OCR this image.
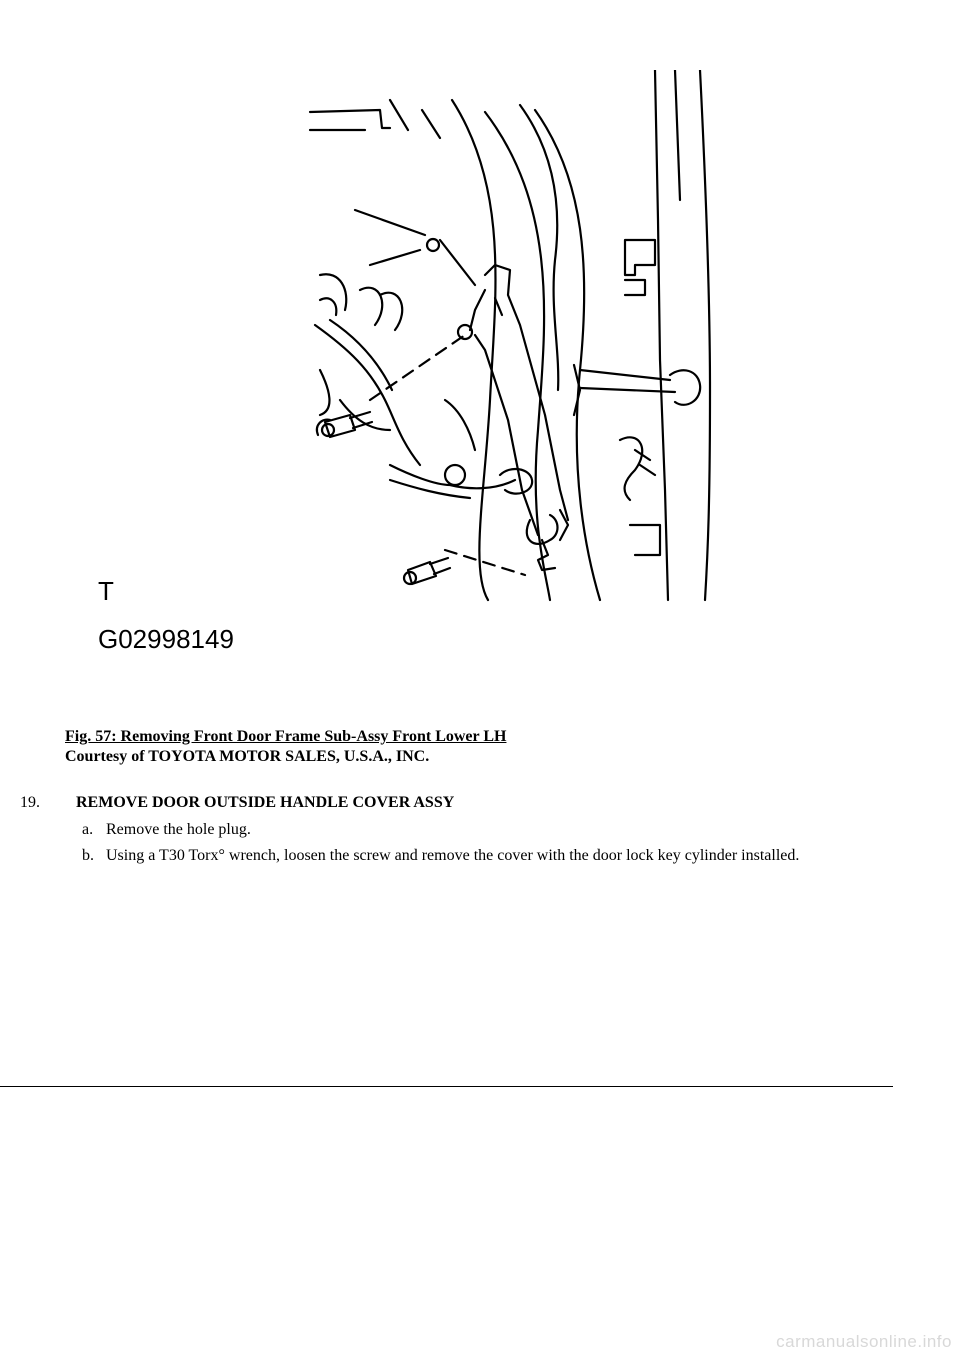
T
G02998149
Fig. 57: Removing Front Door Frame Sub-Assy Front Lower LH
Courtesy of TOYOTA MOTOR SALES, U.S.A., INC.
19. REMOVE DOOR OUTSIDE HANDLE COVER ASSY
a. Remove the hole plug.
b. Using a T30 Torx° wrench, loosen the screw and remove the cover with the door lock key cylinder installed.
carmanualsonline.info
